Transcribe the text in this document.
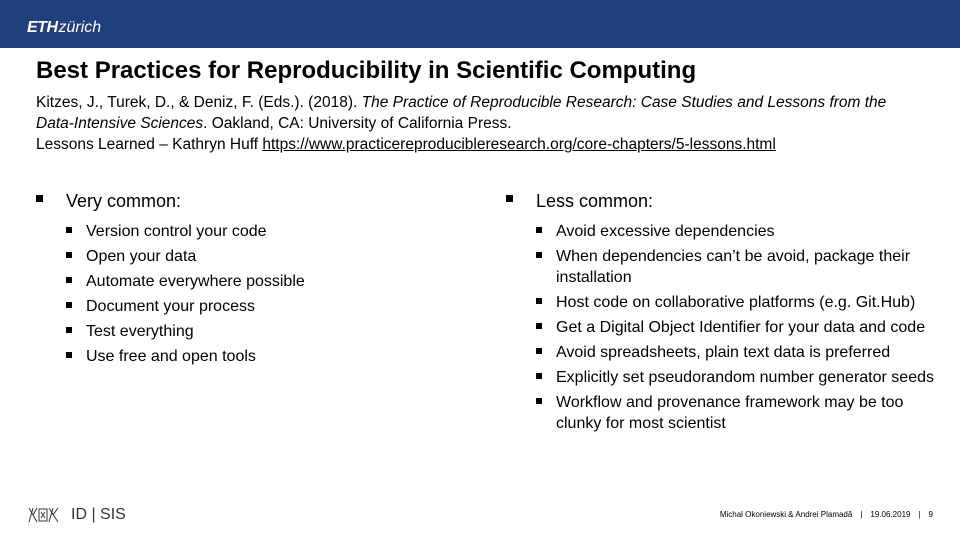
ETHzürich
Best Practices for Reproducibility in Scientific Computing
Kitzes, J., Turek, D., & Deniz, F. (Eds.). (2018). The Practice of Reproducible Research: Case Studies and Lessons from the Data-Intensive Sciences. Oakland, CA: University of California Press.
Lessons Learned – Kathryn Huff https://www.practicereproducibleresearch.org/core-chapters/5-lessons.html
Very common:
Version control your code
Open your data
Automate everywhere possible
Document your process
Test everything
Use free and open tools
Less common:
Avoid excessive dependencies
When dependencies can’t be avoid, package their installation
Host code on collaborative platforms (e.g. Git.Hub)
Get a Digital Object Identifier for your data and code
Avoid spreadsheets, plain text data is preferred
Explicitly set pseudorandom number generator seeds
Workflow and provenance framework may be too clunky for most scientist
ID | SIS	Michal Okoniewski & Andrei Plamadă | 19.06.2019 | 9
